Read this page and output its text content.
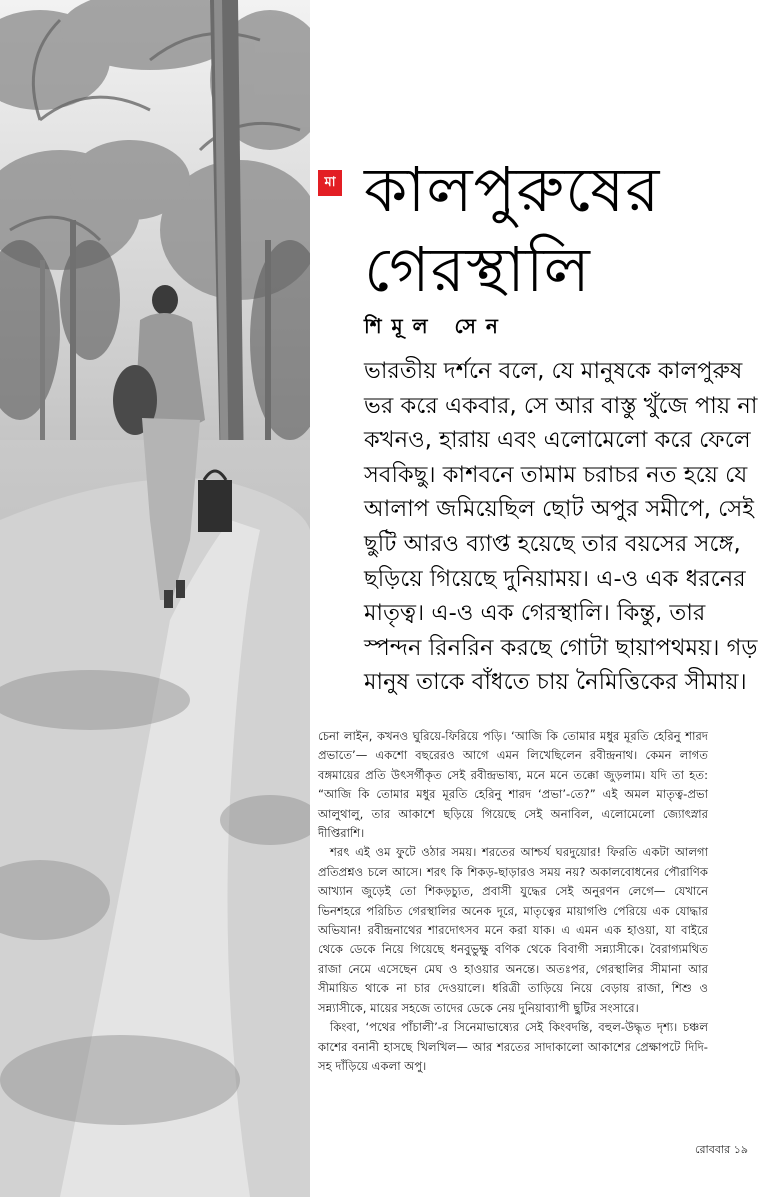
মা কালপুরুষের
গেরস্থালি
শিমূল সেন
ভারতীয় দর্শনে বলে, যে মানুষকে কালপুরুষ ভর করে একবার, সে আর বাস্তু খুঁজে পায় না কখনও, হারায় এবং এলোমেলো করে ফেলে সবকিছু। কাশবনে তামাম চরাচর নত হয়ে যে আলাপ জমিয়েছিল ছোট অপুর সমীপে, সেই ছুটি আরও ব্যাপ্ত হয়েছে তার বয়সের সঙ্গে, ছড়িয়ে গিয়েছে দুনিয়াময়। এ-ও এক ধরনের মাতৃত্ব। এ-ও এক গেরস্থালি। কিন্তু, তার স্পন্দন রিনরিন করছে গোটা ছায়াপথময়। গড় মানুষ তাকে বাঁধতে চায় নৈমিত্তিকের সীমায়।

চেনা লাইন, কখনও ঘুরিয়ে-ফিরিয়ে পড়ি। ‘আজি কি তোমার মধুর মূরতি হেরিনু শারদ প্রভাতে’— একশো বছরেরও আগে এমন লিখেছিলেন রবীন্দ্রনাথ। কেমন লাগত বঙ্গমায়ের প্রতি উৎসর্গীকৃত সেই রবীন্দ্রভাষ্য, মনে মনে তক্কো জুড়লাম। যদি তা হত: “আজি কি তোমার মধুর মূরতি হেরিনু শারদ ‘প্রভা’-তে?” এই অমল মাতৃত্ব-প্রভা আলুথালু, তার আকাশে ছড়িয়ে গিয়েছে সেই অনাবিল, এলোমেলো জ্যোৎস্নার দীপ্তিরাশি।

শরৎ এই ওম ফুটে ওঠার সময়। শরতের আশ্চর্য ঘরদুয়োর! ফিরতি একটা আলগা প্রতিপ্রশ্নও চলে আসে। শরৎ কি শিকড়-ছাড়ারও সময় নয়? অকালবোধনের পৌরাণিক আখ্যান জুড়েই তো শিকড়চ্যুত, প্রবাসী যুদ্ধের সেই অনুরণন লেগে— যেখানে ভিনশহরে পরিচিত গেরস্থালির অনেক দূরে, মাতৃত্বের মায়াগণ্ডি পেরিয়ে এক যোদ্ধার অভিযান! রবীন্দ্রনাথের শারদোৎসব মনে করা যাক। এ এমন এক হাওয়া, যা বাইরে থেকে ডেকে নিয়ে গিয়েছে ধনবুভুক্ষু বণিক থেকে বিবাগী সন্ন্যাসীকে। বৈরাগ্যমথিত রাজা নেমে এসেছেন মেঘ ও হাওয়ার অনন্তে। অতঃপর, গেরস্থালির সীমানা আর সীমায়িত থাকে না চার দেওয়ালে। ধরিত্রী তাড়িয়ে নিয়ে বেড়ায় রাজা, শিশু ও সন্ন্যাসীকে, মায়ের সহজে তাদের ডেকে নেয় দুনিয়াব্যাপী ছুটির সংসারে।

কিংবা, ‘পথের পাঁচালী’-র সিনেমাভাষ্যের সেই কিংবদন্তি, বহুল-উদ্ধৃত দৃশ্য। চঞ্চল কাশের বনানী হাসছে খিলখিল— আর শরতের সাদাকালো আকাশের প্রেক্ষাপটে দিদি-সহ দাঁড়িয়ে একলা অপু।

রোববার ১৯
